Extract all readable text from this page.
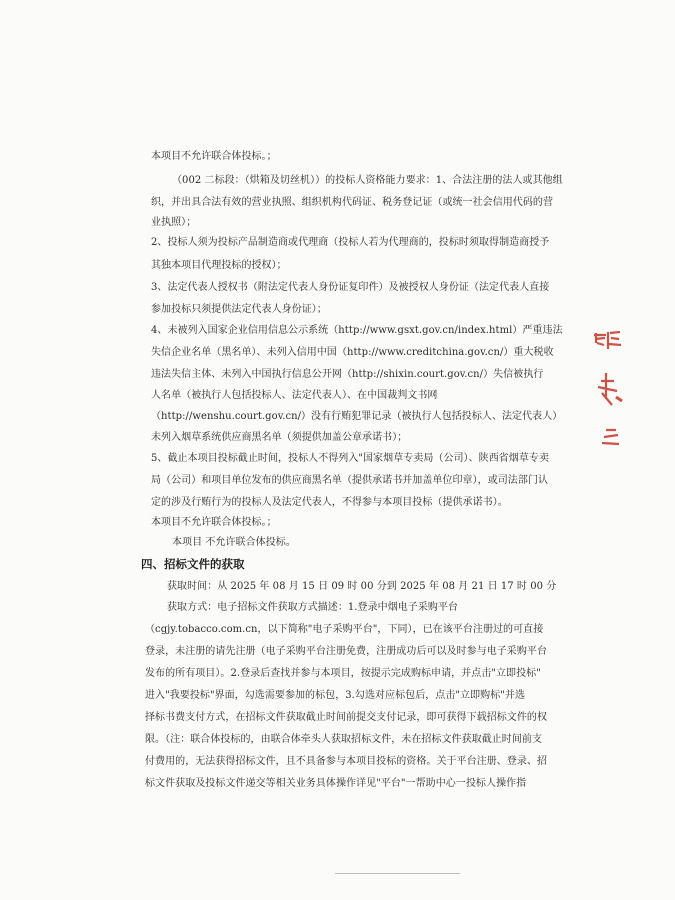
本项目不允许联合体投标。；

（002 二标段：（烘箱及切丝机））的投标人资格能力要求：1、合法注册的法人或其他组

织，并出具合法有效的营业执照、组织机构代码证、税务登记证（或统一社会信用代码的营

业执照）；

2、投标人须为投标产品制造商或代理商（投标人若为代理商的，投标时须取得制造商授予

其独本项目代理投标的授权）；

3、法定代表人授权书（附法定代表人身份证复印件）及被授权人身份证（法定代表人直接

参加投标只须提供法定代表人身份证）；

4、未被列入国家企业信用信息公示系统（http://www.gsxt.gov.cn/index.html）严重违法

失信企业名单（黑名单）、未列入信用中国（http://www.creditchina.gov.cn/）重大税收

违法失信主体、未列入中国执行信息公开网（http://shixin.court.gov.cn/）失信被执行

人名单（被执行人包括投标人、法定代表人）、在中国裁判文书网

（http://wenshu.court.gov.cn/）没有行贿犯罪记录（被执行人包括投标人、法定代表人）

未列入烟草系统供应商黑名单（须提供加盖公章承诺书）；

5、截止本项目投标截止时间，投标人不得列入"国家烟草专卖局（公司）、陕西省烟草专卖

局（公司）和项目单位发布的供应商黑名单（提供承诺书并加盖单位印章），或司法部门认

定的涉及行贿行为的投标人及法定代表人，不得参与本项目投标（提供承诺书）。

本项目不允许联合体投标。；

本项目 不允许联合体投标。

四、招标文件的获取

获取时间：从 2025 年 08 月 15 日 09 时 00 分到 2025 年 08 月 21 日 17 时 00 分

获取方式：电子招标文件获取方式描述：1.登录中烟电子采购平台

（cgjy.tobacco.com.cn，以下简称"电子采购平台"，下同），已在该平台注册过的可直接

登录，未注册的请先注册（电子采购平台注册免费，注册成功后可以及时参与电子采购平台

发布的所有项目）。2.登录后查找并参与本项目，按提示完成购标申请，并点击"立即投标"

进入"我要投标"界面，勾选需要参加的标包，3.勾选对应标包后，点击"立即购标"并选

择标书费支付方式，在招标文件获取截止时间前提交支付记录，即可获得下载招标文件的权

限。（注：联合体投标的，由联合体牵头人获取招标文件，未在招标文件获取截止时间前支

付费用的，无法获得招标文件，且不具备参与本项目投标的资格。关于平台注册、登录、招

标文件获取及投标文件递交等相关业务具体操作详见"平台"一帮助中心一投标人操作指
